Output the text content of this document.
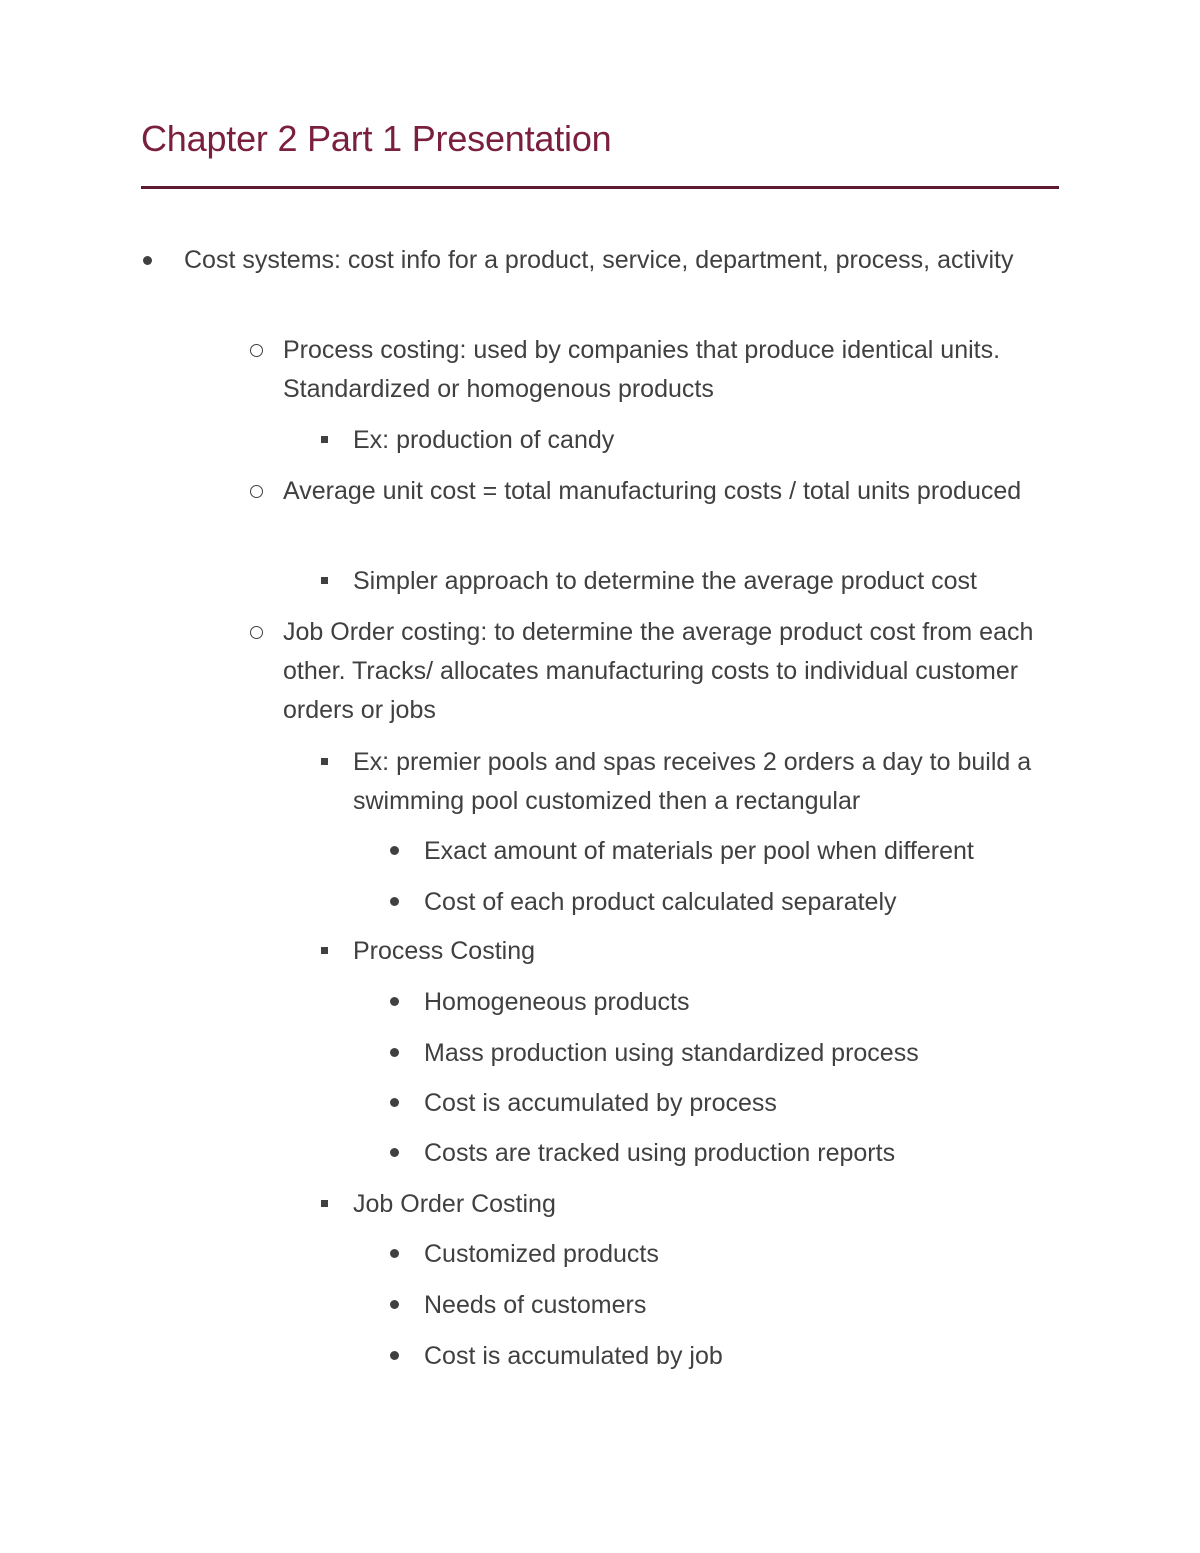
Chapter 2 Part 1 Presentation
Cost systems: cost info for a product, service, department, process, activity
Process costing: used by companies that produce identical units. Standardized or homogenous products
Ex: production of candy
Average unit cost = total manufacturing costs / total units produced
Simpler approach to determine the average product cost
Job Order costing: to determine the average product cost from each other. Tracks/ allocates manufacturing costs to individual customer orders or jobs
Ex: premier pools and spas receives 2 orders a day to build a swimming pool customized then a rectangular
Exact amount of materials per pool when different
Cost of each product calculated separately
Process Costing
Homogeneous products
Mass production using standardized process
Cost is accumulated by process
Costs are tracked using production reports
Job Order Costing
Customized products
Needs of customers
Cost is accumulated by job
